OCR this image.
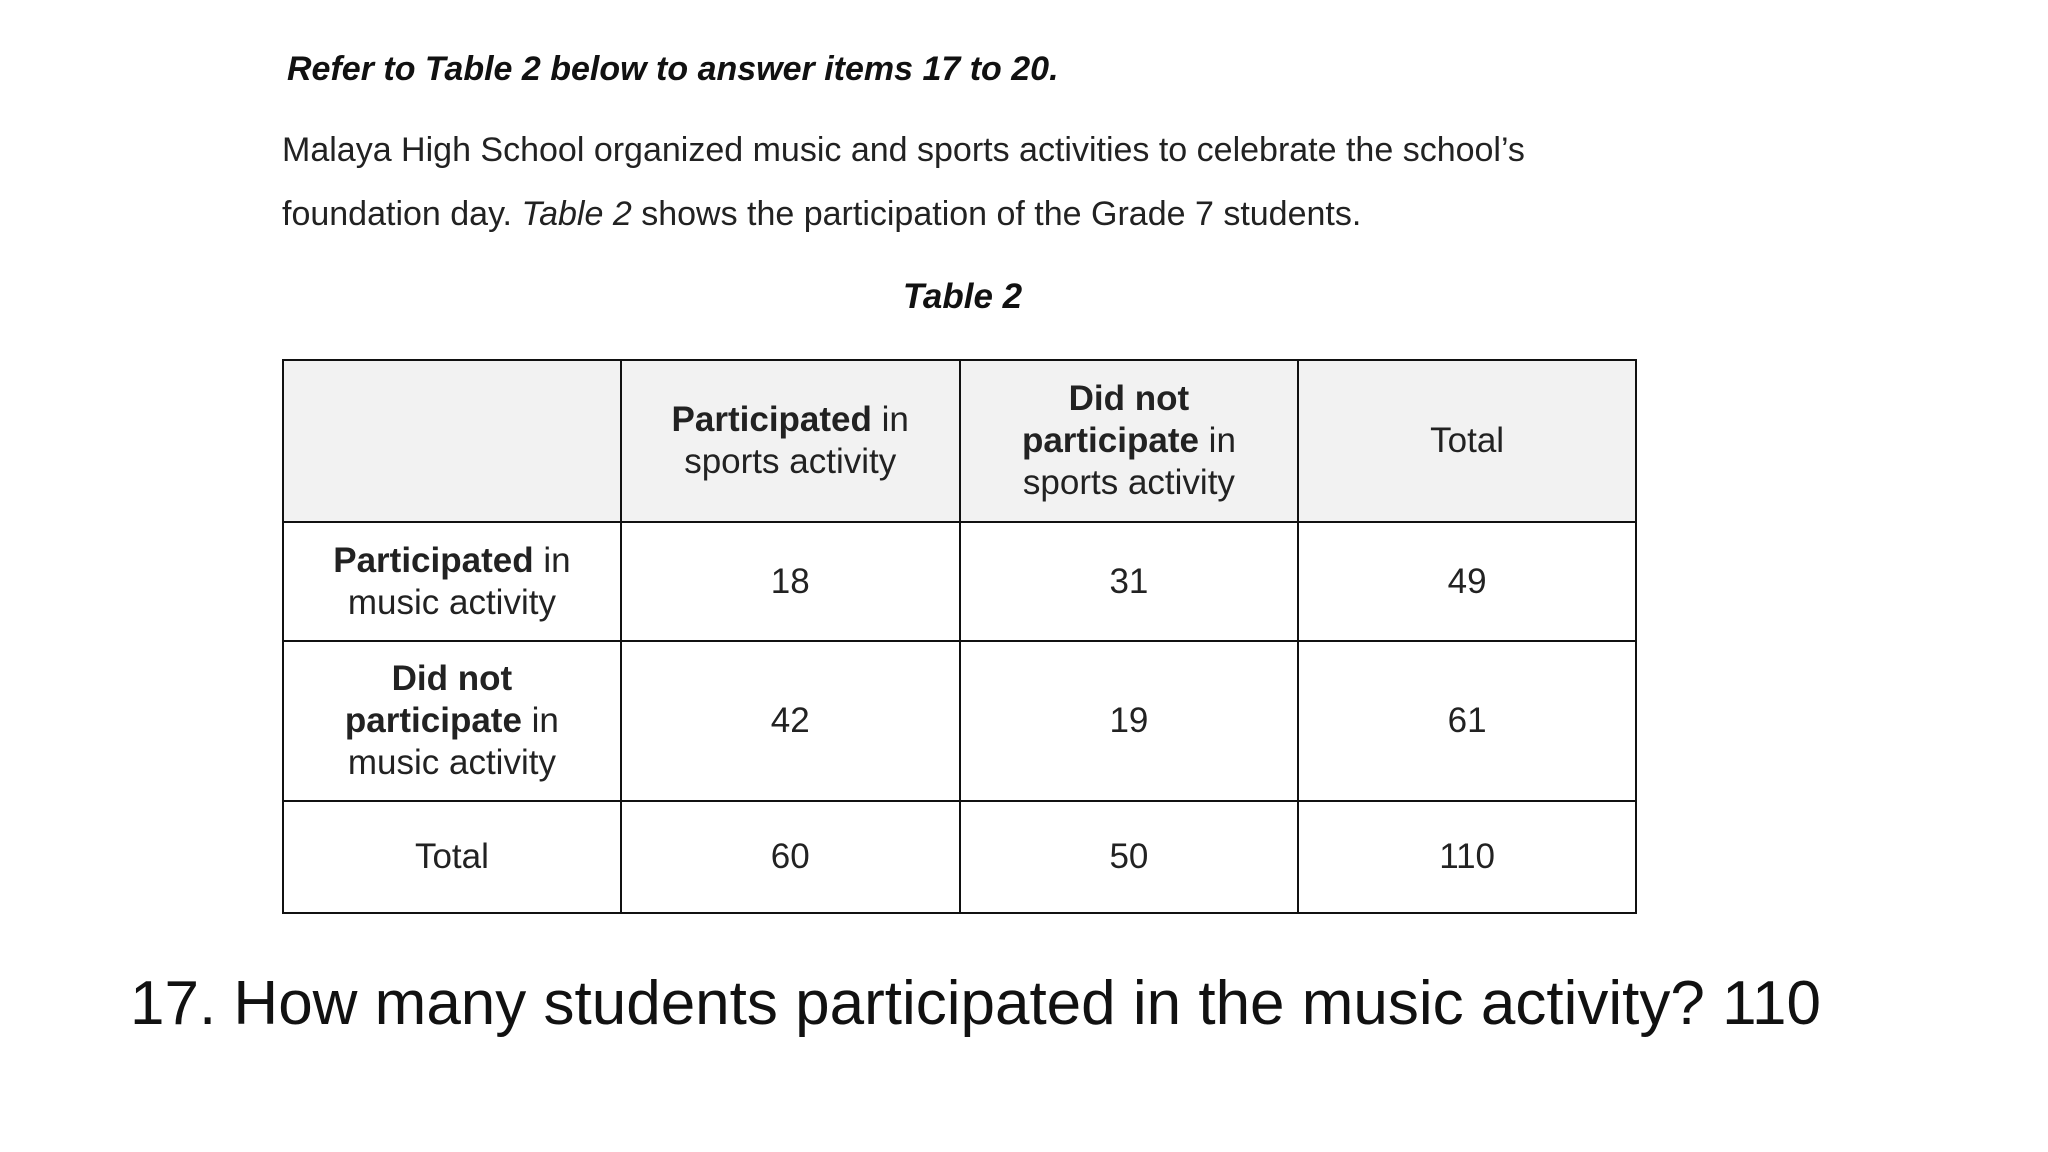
Refer to Table 2 below to answer items 17 to 20.
Malaya High School organized music and sports activities to celebrate the school’s
foundation day. Table 2 shows the participation of the Grade 7 students.
Table 2
	Participated in
sports activity	Did not
participate in
sports activity	Total
Participated in
music activity	18	31	49
Did not
participate in
music activity	42	19	61
Total	60	50	110
17. How many students participated in the music activity? 110
